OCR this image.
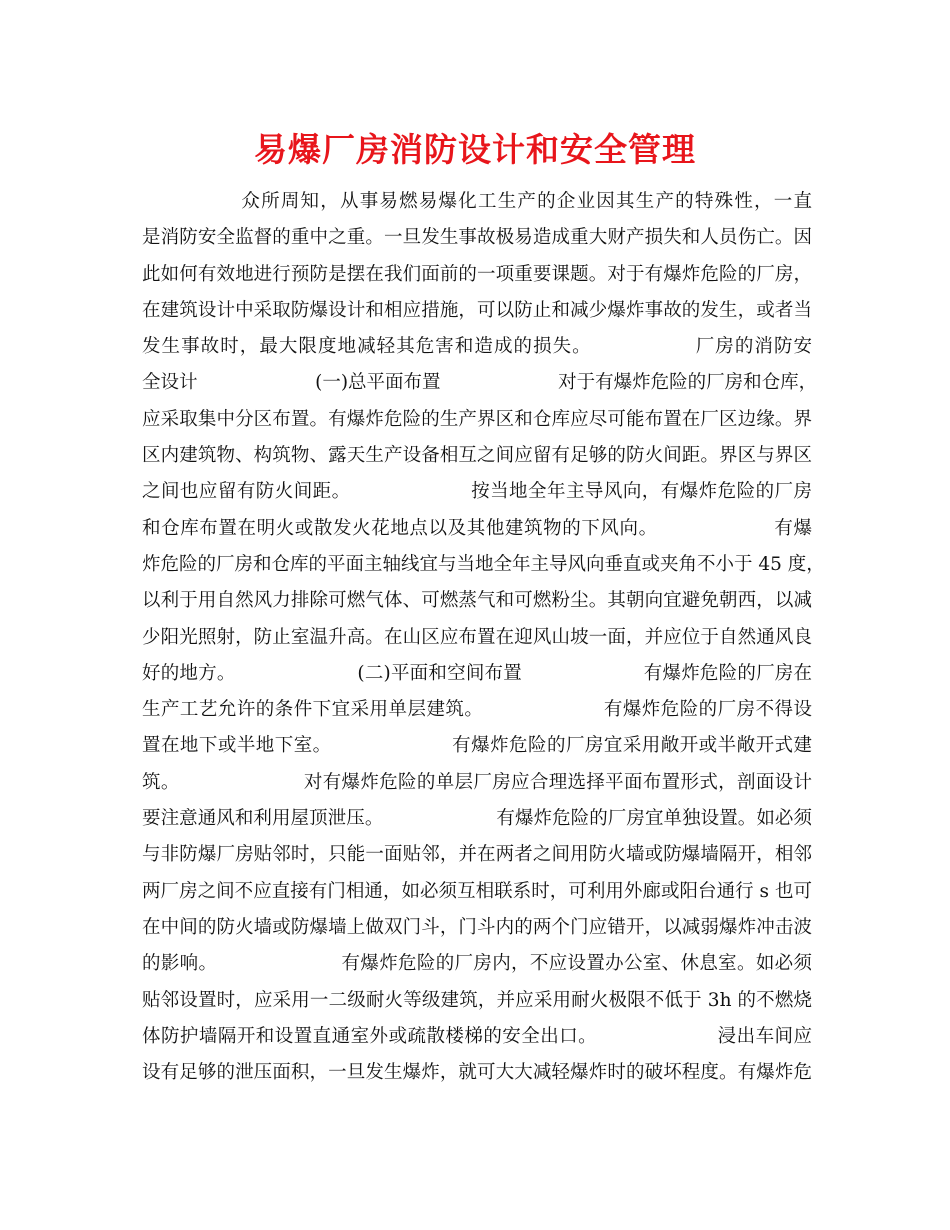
易爆厂房消防设计和安全管理
众所周知，从事易燃易爆化工生产的企业因其生产的特殊性，一直
是消防安全监督的重中之重。一旦发生事故极易造成重大财产损失和人员伤亡。因
此如何有效地进行预防是摆在我们面前的一项重要课题。对于有爆炸危险的厂房，
在建筑设计中采取防爆设计和相应措施，可以防止和减少爆炸事故的发生，或者当
发生事故时，最大限度地减轻其危害和造成的损失。               厂房的消防安
全设计                    (一)总平面布置                    对于有爆炸危险的厂房和仓库，
应采取集中分区布置。有爆炸危险的生产界区和仓库应尽可能布置在厂区边缘。界
区内建筑物、构筑物、露天生产设备相互之间应留有足够的防火间距。界区与界区
之间也应留有防火间距。                   按当地全年主导风向，有爆炸危险的厂房
和仓库布置在明火或散发火花地点以及其他建筑物的下风向。                  有爆
炸危险的厂房和仓库的平面主轴线宜与当地全年主导风向垂直或夹角不小于 45 度，
以利于用自然风力排除可燃气体、可燃蒸气和可燃粉尘。其朝向宜避免朝西，以减
少阳光照射，防止室温升高。在山区应布置在迎风山坡一面，并应位于自然通风良
好的地方。                    (二)平面和空间布置                    有爆炸危险的厂房在
生产工艺允许的条件下宜采用单层建筑。                   有爆炸危险的厂房不得设
置在地下或半地下室。                   有爆炸危险的厂房宜采用敞开或半敞开式建
筑。                    对有爆炸危险的单层厂房应合理选择平面布置形式，剖面设计
要注意通风和利用屋顶泄压。                   有爆炸危险的厂房宜单独设置。如必须
与非防爆厂房贴邻时，只能一面贴邻，并在两者之间用防火墙或防爆墙隔开，相邻
两厂房之间不应直接有门相通，如必须互相联系时，可利用外廊或阳台通行 s 也可
在中间的防火墙或防爆墙上做双门斗，门斗内的两个门应错开，以减弱爆炸冲击波
的影响。                    有爆炸危险的厂房内，不应设置办公室、休息室。如必须
贴邻设置时，应采用一二级耐火等级建筑，并应采用耐火极限不低于 3h 的不燃烧
体防护墙隔开和设置直通室外或疏散楼梯的安全出口。                   浸出车间应
设有足够的泄压面积，一旦发生爆炸，就可大大减轻爆炸时的破坏程度。有爆炸危
